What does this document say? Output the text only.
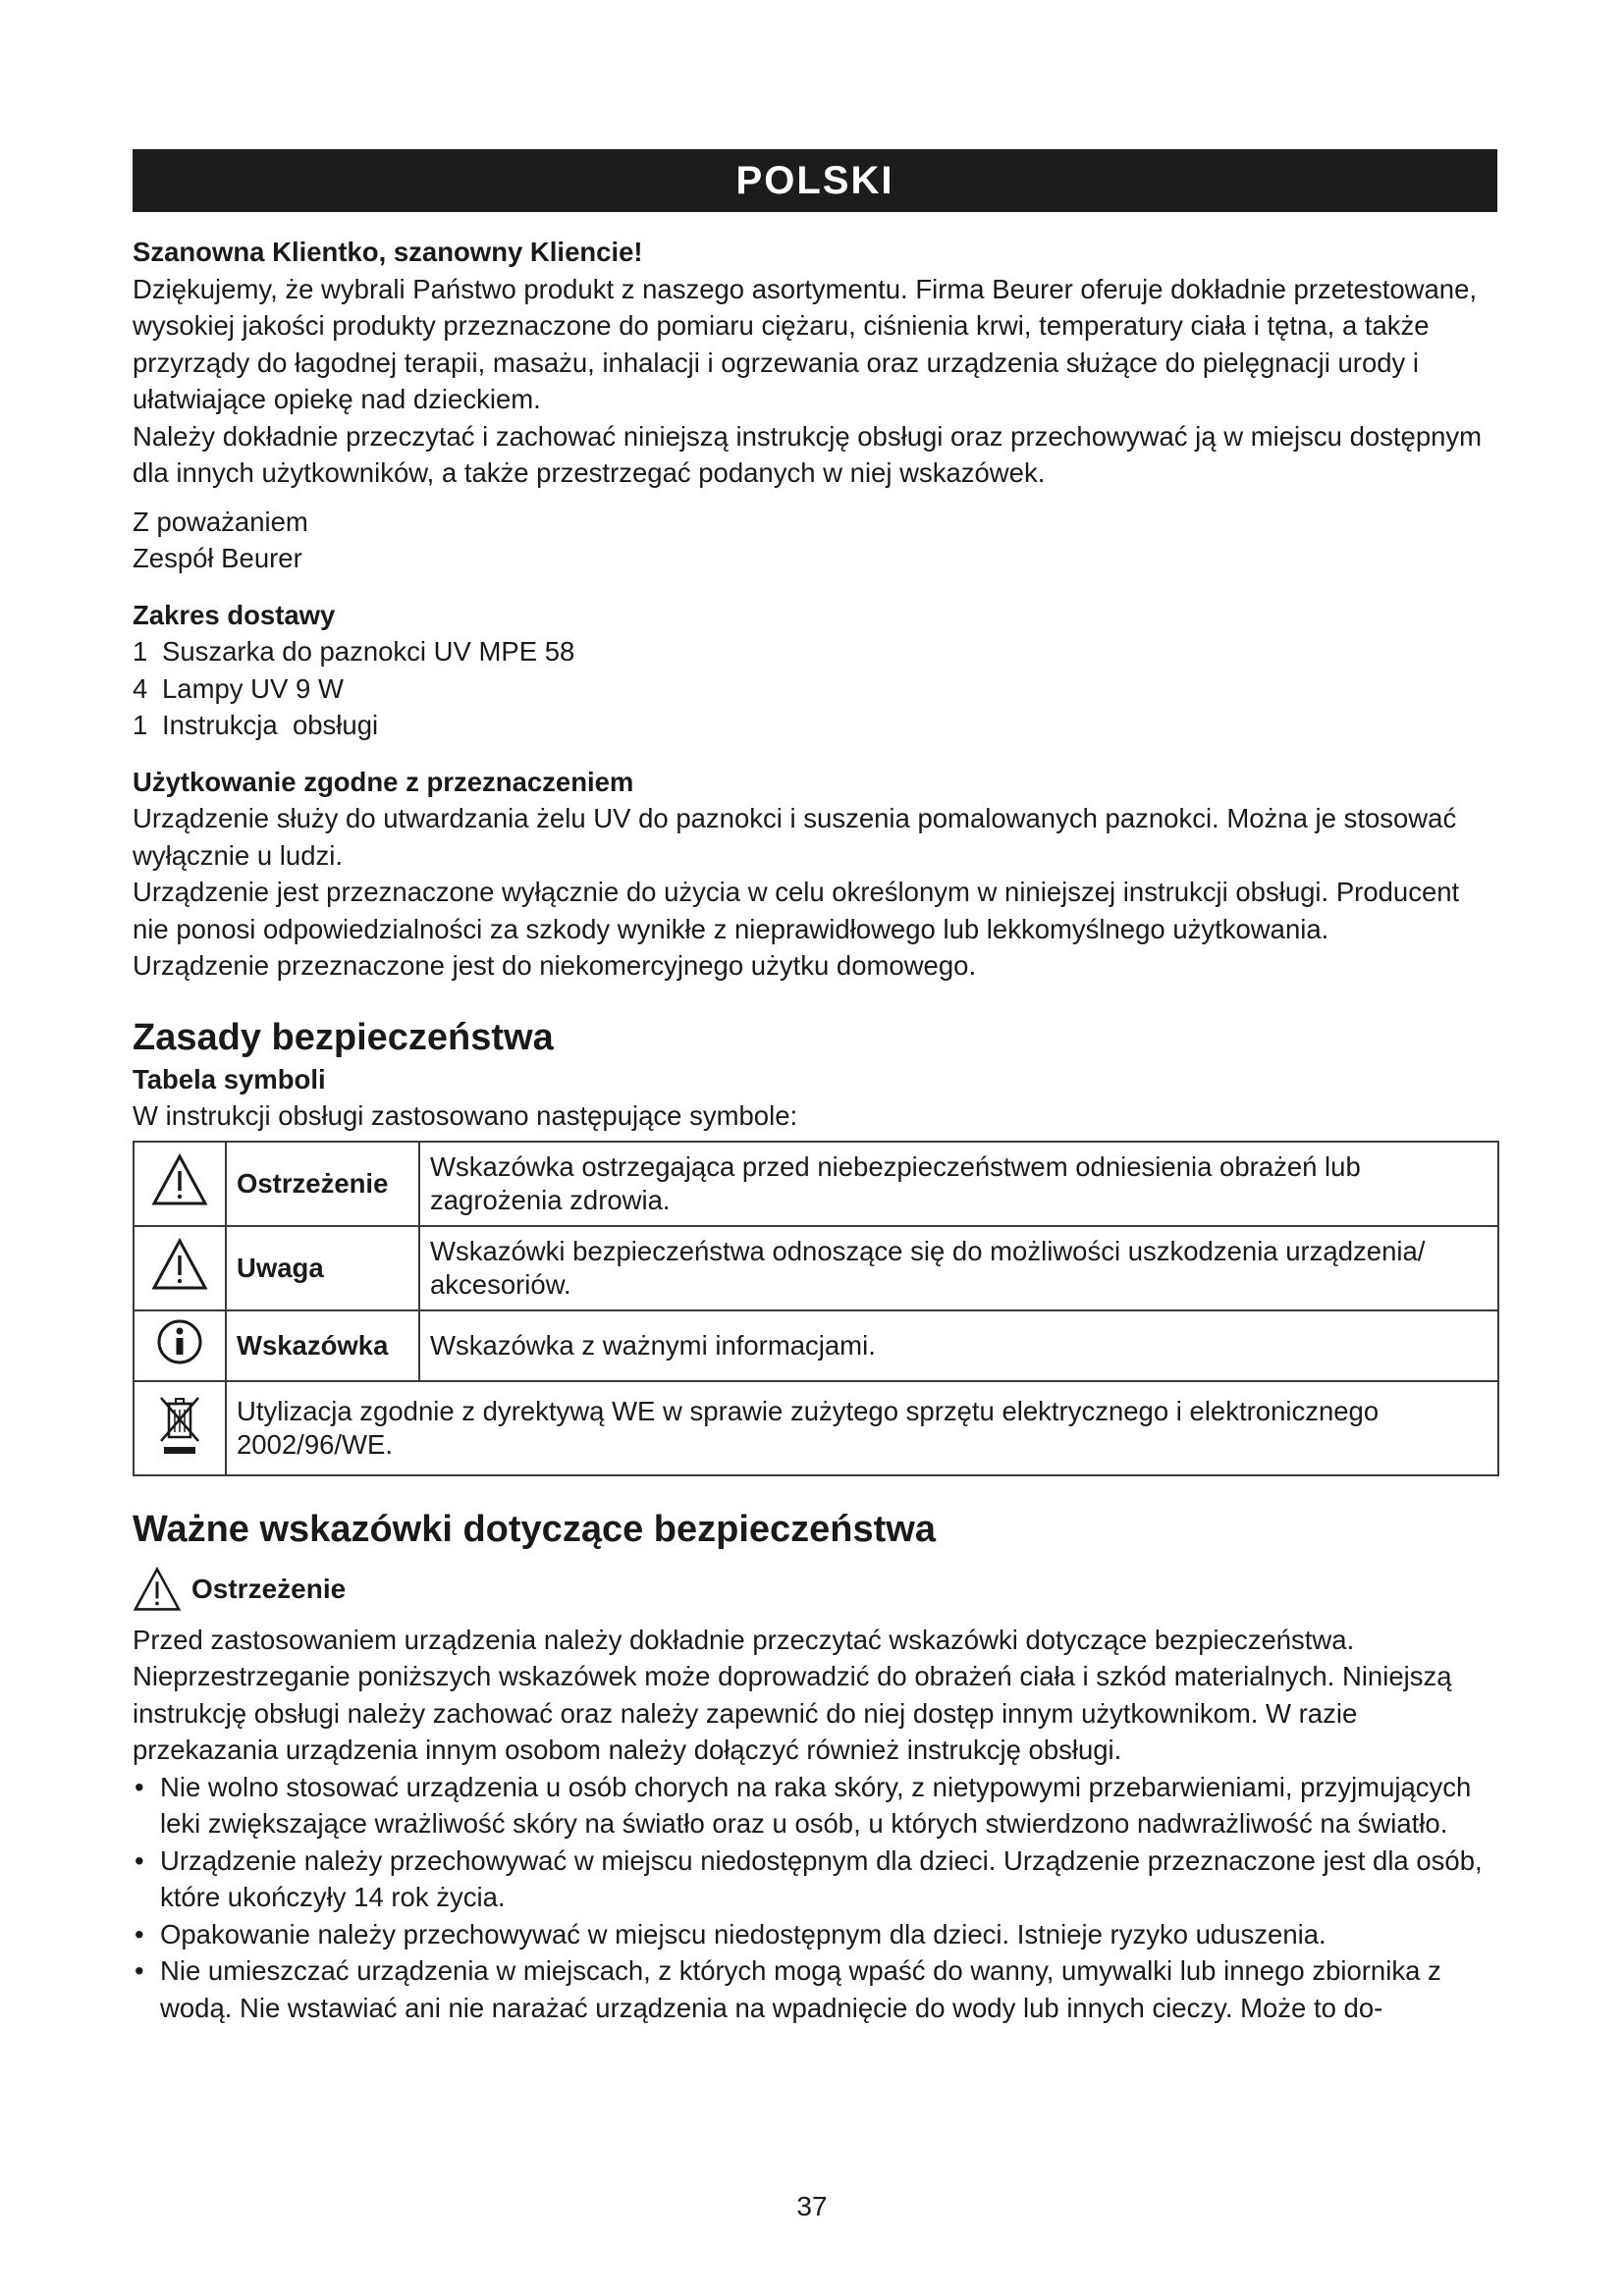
POLSKI

Szanowna Klientko, szanowny Kliencie!

Dziękujemy, że wybrali Państwo produkt z naszego asortymentu. Firma Beurer oferuje dokładnie przetestowane, wysokiej jakości produkty przeznaczone do pomiaru ciężaru, ciśnienia krwi, temperatury ciała i tętna, a także przyrządy do łagodnej terapii, masażu, inhalacji i ogrzewania oraz urządzenia służące do pielęgnacji urody i ułatwiające opiekę nad dzieckiem.

Należy dokładnie przeczytać i zachować niniejszą instrukcję obsługi oraz przechowywać ją w miejscu dostępnym dla innych użytkowników, a także przestrzegać podanych w niej wskazówek.

Z poważaniem

Zespół Beurer

Zakres dostawy

1 Suszarka do paznokci UV MPE 58

4 Lampy UV 9 W

1 Instrukcja  obsługi

Użytkowanie zgodne z przeznaczeniem

Urządzenie służy do utwardzania żelu UV do paznokci i suszenia pomalowanych paznokci. Można je stosować wyłącznie u ludzi.

Urządzenie jest przeznaczone wyłącznie do użycia w celu określonym w niniejszej instrukcji obsługi. Producent nie ponosi odpowiedzialności za szkody wynikłe z nieprawidłowego lub lekkomyślnego użytkowania.

Urządzenie przeznaczone jest do niekomercyjnego użytku domowego.

Zasady bezpieczeństwa

Tabela symboli

W instrukcji obsługi zastosowano następujące symbole:

	Ostrzeżenie	Wskazówka ostrzegająca przed niebezpieczeństwem odniesienia obrażeń lub zagrożenia zdrowia.
	Uwaga	Wskazówki bezpieczeństwa odnoszące się do możliwości uszkodzenia urządzenia/ akcesoriów.
	Wskazówka	Wskazówka z ważnymi informacjami.
	Utylizacja zgodnie z dyrektywą WE w sprawie zużytego sprzętu elektrycznego i elektronicznego 2002/96/WE.	

Ważne wskazówki dotyczące bezpieczeństwa

Ostrzeżenie

Przed zastosowaniem urządzenia należy dokładnie przeczytać wskazówki dotyczące bezpieczeństwa. Nieprzestrzeganie poniższych wskazówek może doprowadzić do obrażeń ciała i szkód materialnych. Niniejszą instrukcję obsługi należy zachować oraz należy zapewnić do niej dostęp innym użytkownikom. W razie przekazania urządzenia innym osobom należy dołączyć również instrukcję obsługi.

• Nie wolno stosować urządzenia u osób chorych na raka skóry, z nietypowymi przebarwieniami, przyjmujących leki zwiększające wrażliwość skóry na światło oraz u osób, u których stwierdzono nadwrażliwość na światło.
• Urządzenie należy przechowywać w miejscu niedostępnym dla dzieci. Urządzenie przeznaczone jest dla osób, które ukończyły 14 rok życia.
• Opakowanie należy przechowywać w miejscu niedostępnym dla dzieci. Istnieje ryzyko uduszenia.
• Nie umieszczać urządzenia w miejscach, z których mogą wpaść do wanny, umywalki lub innego zbiornika z wodą. Nie wstawiać ani nie narażać urządzenia na wpadnięcie do wody lub innych cieczy. Może to do-
37
